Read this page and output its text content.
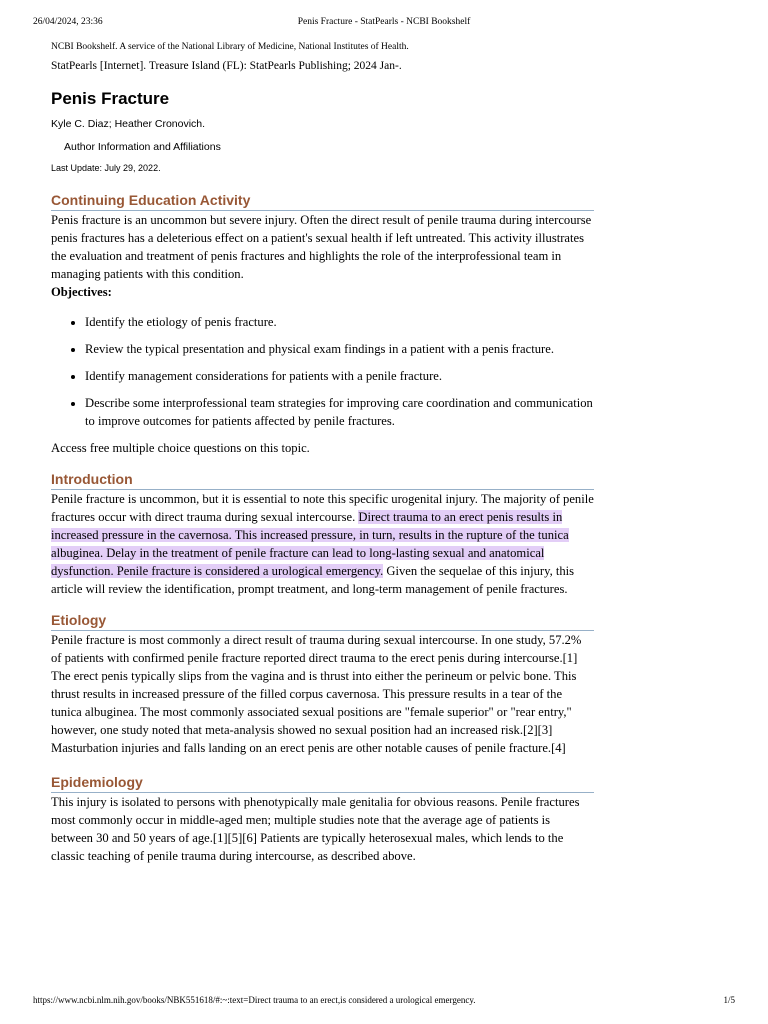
26/04/2024, 23:36	Penis Fracture - StatPearls - NCBI Bookshelf

NCBI Bookshelf. A service of the National Library of Medicine, National Institutes of Health.

StatPearls [Internet]. Treasure Island (FL): StatPearls Publishing; 2024 Jan-.

Penis Fracture

Kyle C. Diaz; Heather Cronovich.

Author Information and Affiliations

Last Update: July 29, 2022.

Continuing Education Activity

Penis fracture is an uncommon but severe injury. Often the direct result of penile trauma during intercourse penis fractures has a deleterious effect on a patient's sexual health if left untreated. This activity illustrates the evaluation and treatment of penis fractures and highlights the role of the interprofessional team in managing patients with this condition.

Objectives:

• Identify the etiology of penis fracture.
• Review the typical presentation and physical exam findings in a patient with a penis fracture.
• Identify management considerations for patients with a penile fracture.
• Describe some interprofessional team strategies for improving care coordination and communication to improve outcomes for patients affected by penile fractures.

Access free multiple choice questions on this topic.

Introduction

Penile fracture is uncommon, but it is essential to note this specific urogenital injury. The majority of penile fractures occur with direct trauma during sexual intercourse. Direct trauma to an erect penis results in increased pressure in the cavernosa. This increased pressure, in turn, results in the rupture of the tunica albuginea. Delay in the treatment of penile fracture can lead to long-lasting sexual and anatomical dysfunction. Penile fracture is considered a urological emergency. Given the sequelae of this injury, this article will review the identification, prompt treatment, and long-term management of penile fractures.

Etiology

Penile fracture is most commonly a direct result of trauma during sexual intercourse. In one study, 57.2% of patients with confirmed penile fracture reported direct trauma to the erect penis during intercourse.[1] The erect penis typically slips from the vagina and is thrust into either the perineum or pelvic bone. This thrust results in increased pressure of the filled corpus cavernosa. This pressure results in a tear of the tunica albuginea. The most commonly associated sexual positions are "female superior" or "rear entry," however, one study noted that meta-analysis showed no sexual position had an increased risk.[2][3] Masturbation injuries and falls landing on an erect penis are other notable causes of penile fracture.[4]

Epidemiology

This injury is isolated to persons with phenotypically male genitalia for obvious reasons. Penile fractures most commonly occur in middle-aged men; multiple studies note that the average age of patients is between 30 and 50 years of age.[1][5][6] Patients are typically heterosexual males, which lends to the classic teaching of penile trauma during intercourse, as described above.

https://www.ncbi.nlm.nih.gov/books/NBK551618/#:~:text=Direct trauma to an erect,is considered a urological emergency.	1/5
